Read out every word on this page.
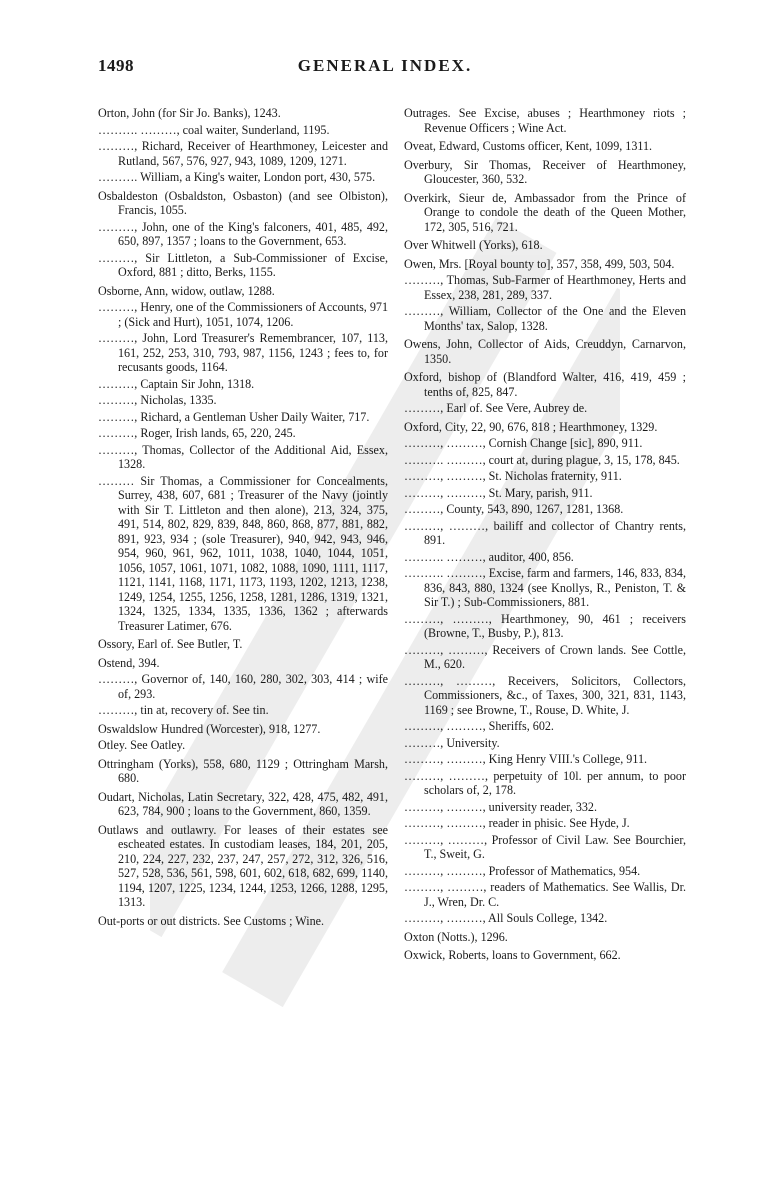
1498	GENERAL INDEX.

Orton, John (for Sir Jo. Banks), 1243.

………. ………, coal waiter, Sunderland, 1195.

………, Richard, Receiver of Hearthmoney, Leicester and Rutland, 567, 576, 927, 943, 1089, 1209, 1271.

………. William, a King's waiter, London port, 430, 575.

Osbaldeston (Osbaldston, Osbaston) (and see Olbiston), Francis, 1055.

………, John, one of the King's falconers, 401, 485, 492, 650, 897, 1357 ; loans to the Government, 653.

………, Sir Littleton, a Sub-Commissioner of Excise, Oxford, 881 ; ditto, Berks, 1155.

Osborne, Ann, widow, outlaw, 1288.

………, Henry, one of the Commissioners of Accounts, 971 ; (Sick and Hurt), 1051, 1074, 1206.

………, John, Lord Treasurer's Remembrancer, 107, 113, 161, 252, 253, 310, 793, 987, 1156, 1243 ; fees to, for recusants goods, 1164.

………, Captain Sir John, 1318.

………, Nicholas, 1335.

………, Richard, a Gentleman Usher Daily Waiter, 717.

………, Roger, Irish lands, 65, 220, 245.

………, Thomas, Collector of the Additional Aid, Essex, 1328.

……… Sir Thomas, a Commissioner for Concealments, Surrey, 438, 607, 681 ; Treasurer of the Navy (jointly with Sir T. Littleton and then alone), 213, 324, 375, 491, 514, 802, 829, 839, 848, 860, 868, 877, 881, 882, 891, 923, 934 ; (sole Treasurer), 940, 942, 943, 946, 954, 960, 961, 962, 1011, 1038, 1040, 1044, 1051, 1056, 1057, 1061, 1071, 1082, 1088, 1090, 1111, 1117, 1121, 1141, 1168, 1171, 1173, 1193, 1202, 1213, 1238, 1249, 1254, 1255, 1256, 1258, 1281, 1286, 1319, 1321, 1324, 1325, 1334, 1335, 1336, 1362 ; afterwards Treasurer Latimer, 676.

Ossory, Earl of. See Butler, T.

Ostend, 394.

………, Governor of, 140, 160, 280, 302, 303, 414 ; wife of, 293.

………, tin at, recovery of. See tin.

Oswaldslow Hundred (Worcester), 918, 1277.

Otley. See Oatley.

Ottringham (Yorks), 558, 680, 1129 ; Ottringham Marsh, 680.

Oudart, Nicholas, Latin Secretary, 322, 428, 475, 482, 491, 623, 784, 900 ; loans to the Government, 860, 1359.

Outlaws and outlawry. For leases of their estates see escheated estates. In custodiam leases, 184, 201, 205, 210, 224, 227, 232, 237, 247, 257, 272, 312, 326, 516, 527, 528, 536, 561, 598, 601, 602, 618, 682, 699, 1140, 1194, 1207, 1225, 1234, 1244, 1253, 1266, 1288, 1295, 1313.

Out-ports or out districts. See Customs ; Wine.

Outrages. See Excise, abuses ; Hearthmoney riots ; Revenue Officers ; Wine Act.

Oveat, Edward, Customs officer, Kent, 1099, 1311.

Overbury, Sir Thomas, Receiver of Hearthmoney, Gloucester, 360, 532.

Overkirk, Sieur de, Ambassador from the Prince of Orange to condole the death of the Queen Mother, 172, 305, 516, 721.

Over Whitwell (Yorks), 618.

Owen, Mrs. [Royal bounty to], 357, 358, 499, 503, 504.

………, Thomas, Sub-Farmer of Hearthmoney, Herts and Essex, 238, 281, 289, 337.

………, William, Collector of the One and the Eleven Months' tax, Salop, 1328.

Owens, John, Collector of Aids, Creuddyn, Carnarvon, 1350.

Oxford, bishop of (Blandford Walter, 416, 419, 459 ; tenths of, 825, 847.

………, Earl of. See Vere, Aubrey de.

Oxford, City, 22, 90, 676, 818 ; Hearthmoney, 1329.

………, ………, Cornish Change [sic], 890, 911.

………. ………, court at, during plague, 3, 15, 178, 845.

………, ………, St. Nicholas fraternity, 911.

………, ………, St. Mary, parish, 911.

………, County, 543, 890, 1267, 1281, 1368.

………, ………, bailiff and collector of Chantry rents, 891.

………. ………, auditor, 400, 856.

………. ………, Excise, farm and farmers, 146, 833, 834, 836, 843, 880, 1324 (see Knollys, R., Peniston, T. & Sir T.) ; Sub-Commissioners, 881.

………, ………, Hearthmoney, 90, 461 ; receivers (Browne, T., Busby, P.), 813.

………, ………, Receivers of Crown lands. See Cottle, M., 620.

………, ………, Receivers, Solicitors, Collectors, Commissioners, &c., of Taxes, 300, 321, 831, 1143, 1169 ; see Browne, T., Rouse, D. White, J.

………, ………, Sheriffs, 602.

………, University.

………, ………, King Henry VIII.'s College, 911.

………, ………, perpetuity of 10l. per annum, to poor scholars of, 2, 178.

………, ………, university reader, 332.

………, ………, reader in phisic. See Hyde, J.

………, ………, Professor of Civil Law. See Bourchier, T., Sweit, G.

………, ………, Professor of Mathematics, 954.

………, ………, readers of Mathematics. See Wallis, Dr. J., Wren, Dr. C.

………, ………, All Souls College, 1342.

Oxton (Notts.), 1296.

Oxwick, Roberts, loans to Government, 662.
